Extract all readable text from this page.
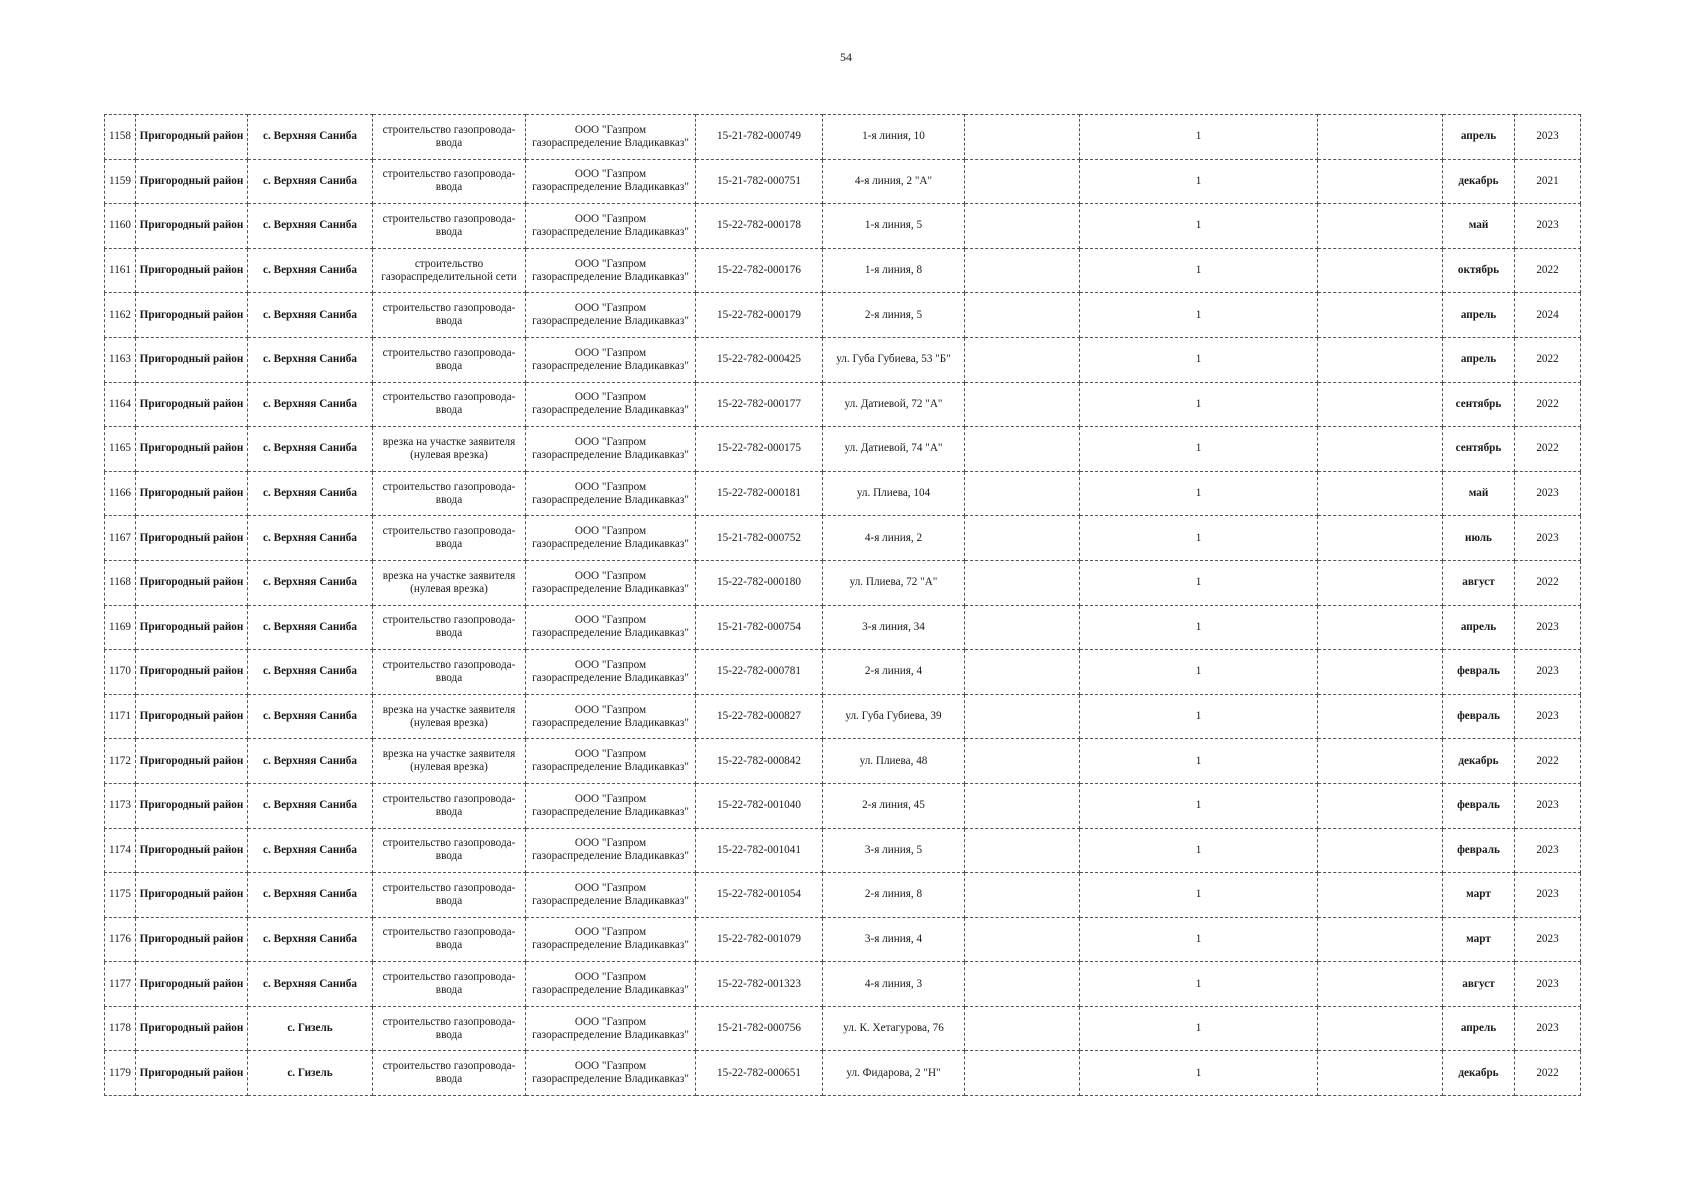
54
1158	Пригородный район	с. Верхняя Саниба	строительство газопровода-ввода	ООО "Газпром газораспределение Владикавказ"	15-21-782-000749	1-я линия, 10		1		апрель	2023
1159	Пригородный район	с. Верхняя Саниба	строительство газопровода-ввода	ООО "Газпром газораспределение Владикавказ"	15-21-782-000751	4-я линия, 2 "А"		1		декабрь	2021
1160	Пригородный район	с. Верхняя Саниба	строительство газопровода-ввода	ООО "Газпром газораспределение Владикавказ"	15-22-782-000178	1-я линия, 5		1		май	2023
1161	Пригородный район	с. Верхняя Саниба	строительство газораспределительной сети	ООО "Газпром газораспределение Владикавказ"	15-22-782-000176	1-я линия, 8		1		октябрь	2022
1162	Пригородный район	с. Верхняя Саниба	строительство газопровода-ввода	ООО "Газпром газораспределение Владикавказ"	15-22-782-000179	2-я линия, 5		1		апрель	2024
1163	Пригородный район	с. Верхняя Саниба	строительство газопровода-ввода	ООО "Газпром газораспределение Владикавказ"	15-22-782-000425	ул. Губа Губиева, 53 "Б"		1		апрель	2022
1164	Пригородный район	с. Верхняя Саниба	строительство газопровода-ввода	ООО "Газпром газораспределение Владикавказ"	15-22-782-000177	ул. Датиевой, 72 "А"		1		сентябрь	2022
1165	Пригородный район	с. Верхняя Саниба	врезка на участке заявителя (нулевая врезка)	ООО "Газпром газораспределение Владикавказ"	15-22-782-000175	ул. Датиевой, 74 "А"		1		сентябрь	2022
1166	Пригородный район	с. Верхняя Саниба	строительство газопровода-ввода	ООО "Газпром газораспределение Владикавказ"	15-22-782-000181	ул. Плиева, 104		1		май	2023
1167	Пригородный район	с. Верхняя Саниба	строительство газопровода-ввода	ООО "Газпром газораспределение Владикавказ"	15-21-782-000752	4-я линия, 2		1		июль	2023
1168	Пригородный район	с. Верхняя Саниба	врезка на участке заявителя (нулевая врезка)	ООО "Газпром газораспределение Владикавказ"	15-22-782-000180	ул. Плиева, 72 "А"		1		август	2022
1169	Пригородный район	с. Верхняя Саниба	строительство газопровода-ввода	ООО "Газпром газораспределение Владикавказ"	15-21-782-000754	3-я линия, 34		1		апрель	2023
1170	Пригородный район	с. Верхняя Саниба	строительство газопровода-ввода	ООО "Газпром газораспределение Владикавказ"	15-22-782-000781	2-я линия, 4		1		февраль	2023
1171	Пригородный район	с. Верхняя Саниба	врезка на участке заявителя (нулевая врезка)	ООО "Газпром газораспределение Владикавказ"	15-22-782-000827	ул. Губа Губиева, 39		1		февраль	2023
1172	Пригородный район	с. Верхняя Саниба	врезка на участке заявителя (нулевая врезка)	ООО "Газпром газораспределение Владикавказ"	15-22-782-000842	ул. Плиева, 48		1		декабрь	2022
1173	Пригородный район	с. Верхняя Саниба	строительство газопровода-ввода	ООО "Газпром газораспределение Владикавказ"	15-22-782-001040	2-я линия, 45		1		февраль	2023
1174	Пригородный район	с. Верхняя Саниба	строительство газопровода-ввода	ООО "Газпром газораспределение Владикавказ"	15-22-782-001041	3-я линия, 5		1		февраль	2023
1175	Пригородный район	с. Верхняя Саниба	строительство газопровода-ввода	ООО "Газпром газораспределение Владикавказ"	15-22-782-001054	2-я линия, 8		1		март	2023
1176	Пригородный район	с. Верхняя Саниба	строительство газопровода-ввода	ООО "Газпром газораспределение Владикавказ"	15-22-782-001079	3-я линия, 4		1		март	2023
1177	Пригородный район	с. Верхняя Саниба	строительство газопровода-ввода	ООО "Газпром газораспределение Владикавказ"	15-22-782-001323	4-я линия, 3		1		август	2023
1178	Пригородный район	с. Гизель	строительство газопровода-ввода	ООО "Газпром газораспределение Владикавказ"	15-21-782-000756	ул. К. Хетагурова, 76		1		апрель	2023
1179	Пригородный район	с. Гизель	строительство газопровода-ввода	ООО "Газпром газораспределение Владикавказ"	15-22-782-000651	ул. Фидарова, 2 "Н"		1		декабрь	2022
